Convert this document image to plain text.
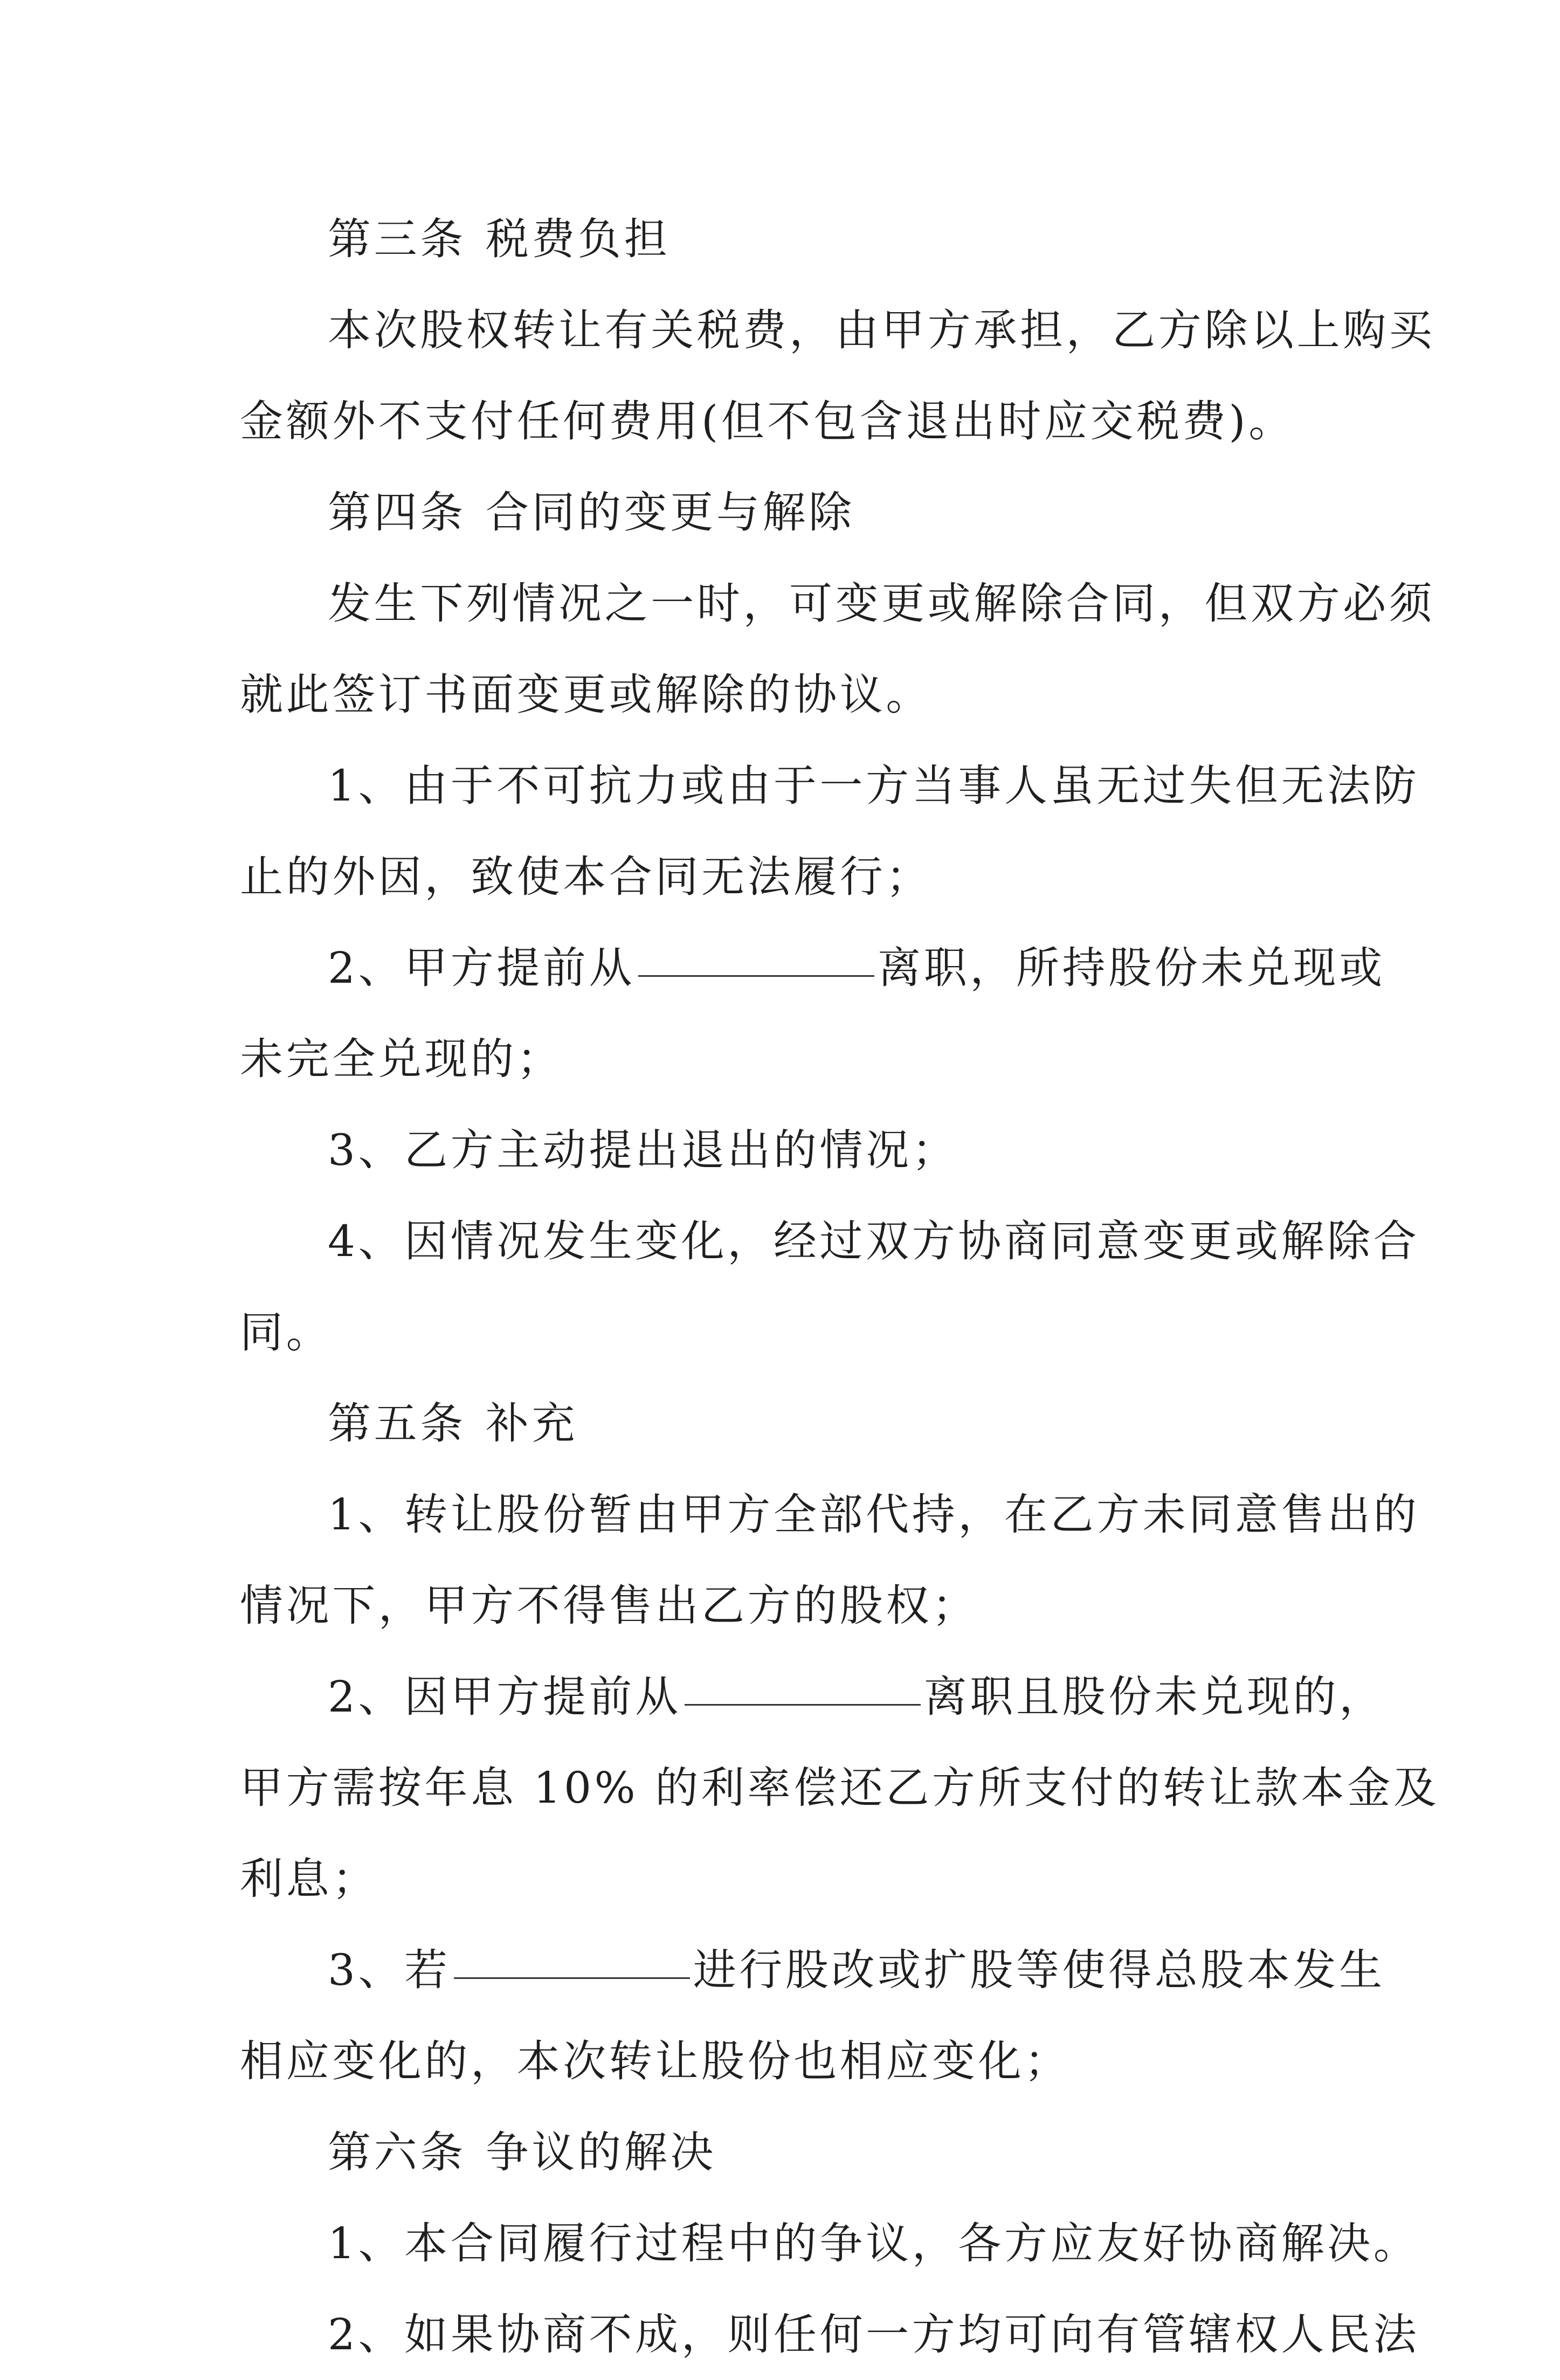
第三条 税费负担
本次股权转让有关税费，由甲方承担，乙方除以上购买
金额外不支付任何费用(但不包含退出时应交税费)。
第四条 合同的变更与解除
发生下列情况之一时，可变更或解除合同，但双方必须
就此签订书面变更或解除的协议。
1、由于不可抗力或由于一方当事人虽无过失但无法防
止的外因，致使本合同无法履行；
2、甲方提前从	离职，所持股份未兑现或
未完全兑现的；
3、乙方主动提出退出的情况；
4、因情况发生变化，经过双方协商同意变更或解除合
同。
第五条 补充
1、转让股份暂由甲方全部代持，在乙方未同意售出的
情况下，甲方不得售出乙方的股权；
2、因甲方提前从	离职且股份未兑现的，
甲方需按年息 10% 的利率偿还乙方所支付的转让款本金及
利息；
3、若	进行股改或扩股等使得总股本发生
相应变化的，本次转让股份也相应变化；
第六条 争议的解决
1、本合同履行过程中的争议，各方应友好协商解决。
2、如果协商不成，则任何一方均可向有管辖权人民法
